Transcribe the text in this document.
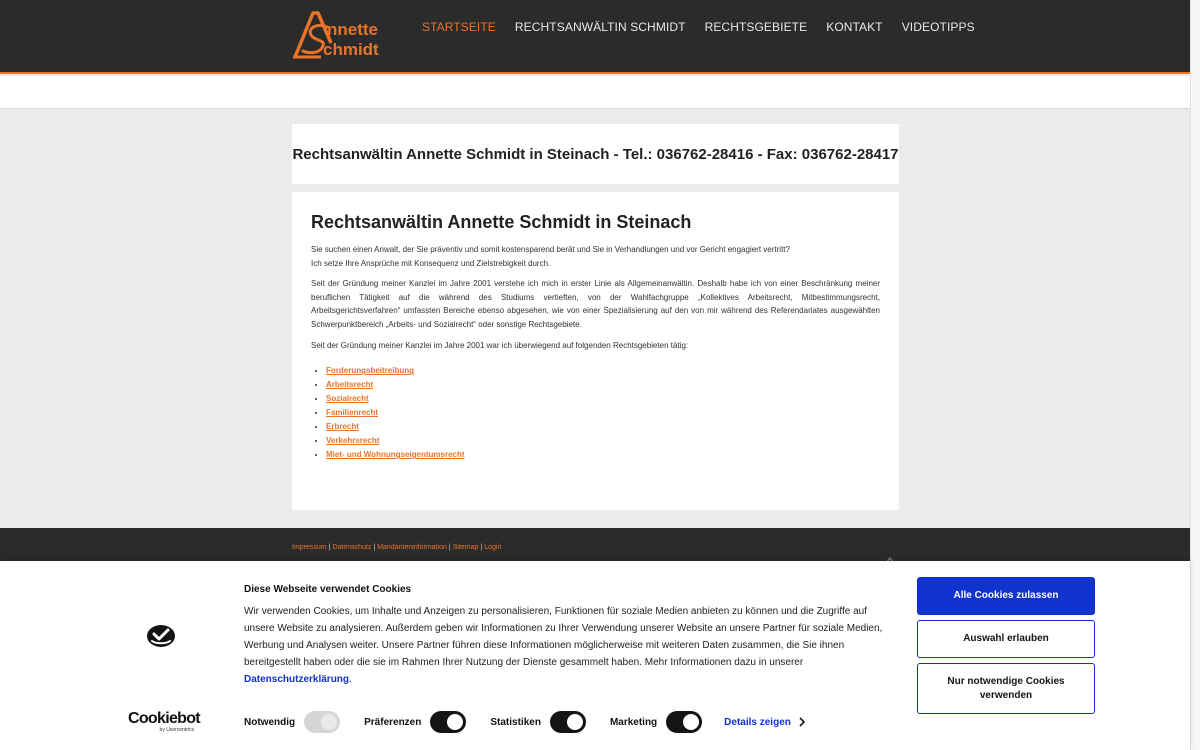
nnette
chmidt
STARTSEITE RECHTSANWÄLTIN SCHMIDT RECHTSGEBIETE KONTAKT VIDEOTIPPS
Rechtsanwältin Annette Schmidt in Steinach - Tel.: 036762-28416 - Fax: 036762-28417
Rechtsanwältin Annette Schmidt in Steinach

Sie suchen einen Anwalt, der Sie präventiv und somit kostensparend berät und Sie in Verhandlungen und vor Gericht engagiert vertritt?
Ich setze Ihre Ansprüche mit Konsequenz und Zielstrebigkeit durch.

Seit der Gründung meiner Kanzlei im Jahre 2001 verstehe ich mich in erster Linie als Allgemeinanwältin. Deshalb habe ich von einer Beschränkung meiner beruflichen Tätigkeit auf die während des Studiums vertieften, von der Wahlfachgruppe „Kollektives Arbeitsrecht, Mitbestimmungsrecht, Arbeitsgerichtsverfahren“ umfassten Bereiche ebenso abgesehen, wie von einer Spezialisierung auf den von mir während des Referendariates ausgewählten Schwerpunktbereich „Arbeits- und Sozialrecht“ oder sonstige Rechtsgebiete.

Seit der Gründung meiner Kanzlei im Jahre 2001 war ich überwiegend auf folgenden Rechtsgebieten tätig:

• Forderungsbeitreibung
• Arbeitsrecht
• Sozialrecht
• Familienrecht
• Erbrecht
• Verkehrsrecht
• Miet- und Wohnungseigentumsrecht
Impressum | Datenschutz | Mandanteninformation | Sitemap | Login
Cookiebot
by Usercentrics
Diese Webseite verwendet Cookies
Wir verwenden Cookies, um Inhalte und Anzeigen zu personalisieren, Funktionen für soziale Medien anbieten zu können und die Zugriffe auf unsere Website zu analysieren. Außerdem geben wir Informationen zu Ihrer Verwendung unserer Website an unsere Partner für soziale Medien, Werbung und Analysen weiter. Unsere Partner führen diese Informationen möglicherweise mit weiteren Daten zusammen, die Sie ihnen bereitgestellt haben oder die sie im Rahmen Ihrer Nutzung der Dienste gesammelt haben. Mehr Informationen dazu in unserer Datenschutzerklärung.
Notwendig	Präferenzen	Statistiken	Marketing	Details zeigen
Alle Cookies zulassen
Auswahl erlauben
Nur notwendige Cookies verwenden
